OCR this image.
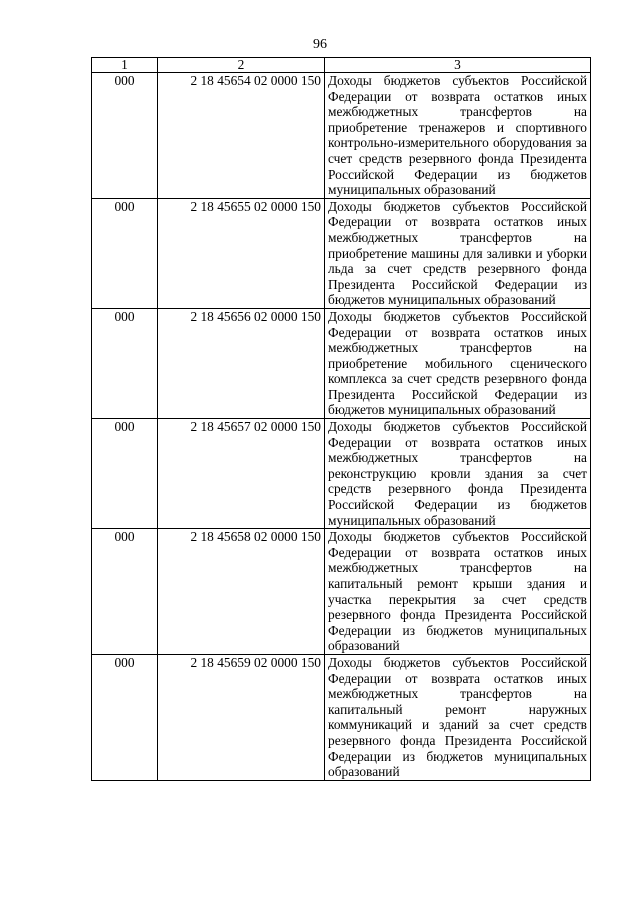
96
1	2	3
000	2 18 45654 02 0000 150	Доходы бюджетов субъектов Российской Федерации от возврата остатков иных межбюджетных трансфертов на приобретение тренажеров и спортивного контрольно-измерительного оборудования за счет средств резервного фонда Президента Российской Федерации из бюджетов муниципальных образований
000	2 18 45655 02 0000 150	Доходы бюджетов субъектов Российской Федерации от возврата остатков иных межбюджетных трансфертов на приобретение машины для заливки и уборки льда за счет средств резервного фонда Президента Российской Федерации из бюджетов муниципальных образований
000	2 18 45656 02 0000 150	Доходы бюджетов субъектов Российской Федерации от возврата остатков иных межбюджетных трансфертов на приобретение мобильного сценического комплекса за счет средств резервного фонда Президента Российской Федерации из бюджетов муниципальных образований
000	2 18 45657 02 0000 150	Доходы бюджетов субъектов Российской Федерации от возврата остатков иных межбюджетных трансфертов на реконструкцию кровли здания за счет средств резервного фонда Президента Российской Федерации из бюджетов муниципальных образований
000	2 18 45658 02 0000 150	Доходы бюджетов субъектов Российской Федерации от возврата остатков иных межбюджетных трансфертов на капитальный ремонт крыши здания и участка перекрытия за счет средств резервного фонда Президента Российской Федерации из бюджетов муниципальных образований
000	2 18 45659 02 0000 150	Доходы бюджетов субъектов Российской Федерации от возврата остатков иных межбюджетных трансфертов на капитальный ремонт наружных коммуникаций и зданий за счет средств резервного фонда Президента Российской Федерации из бюджетов муниципальных образований
